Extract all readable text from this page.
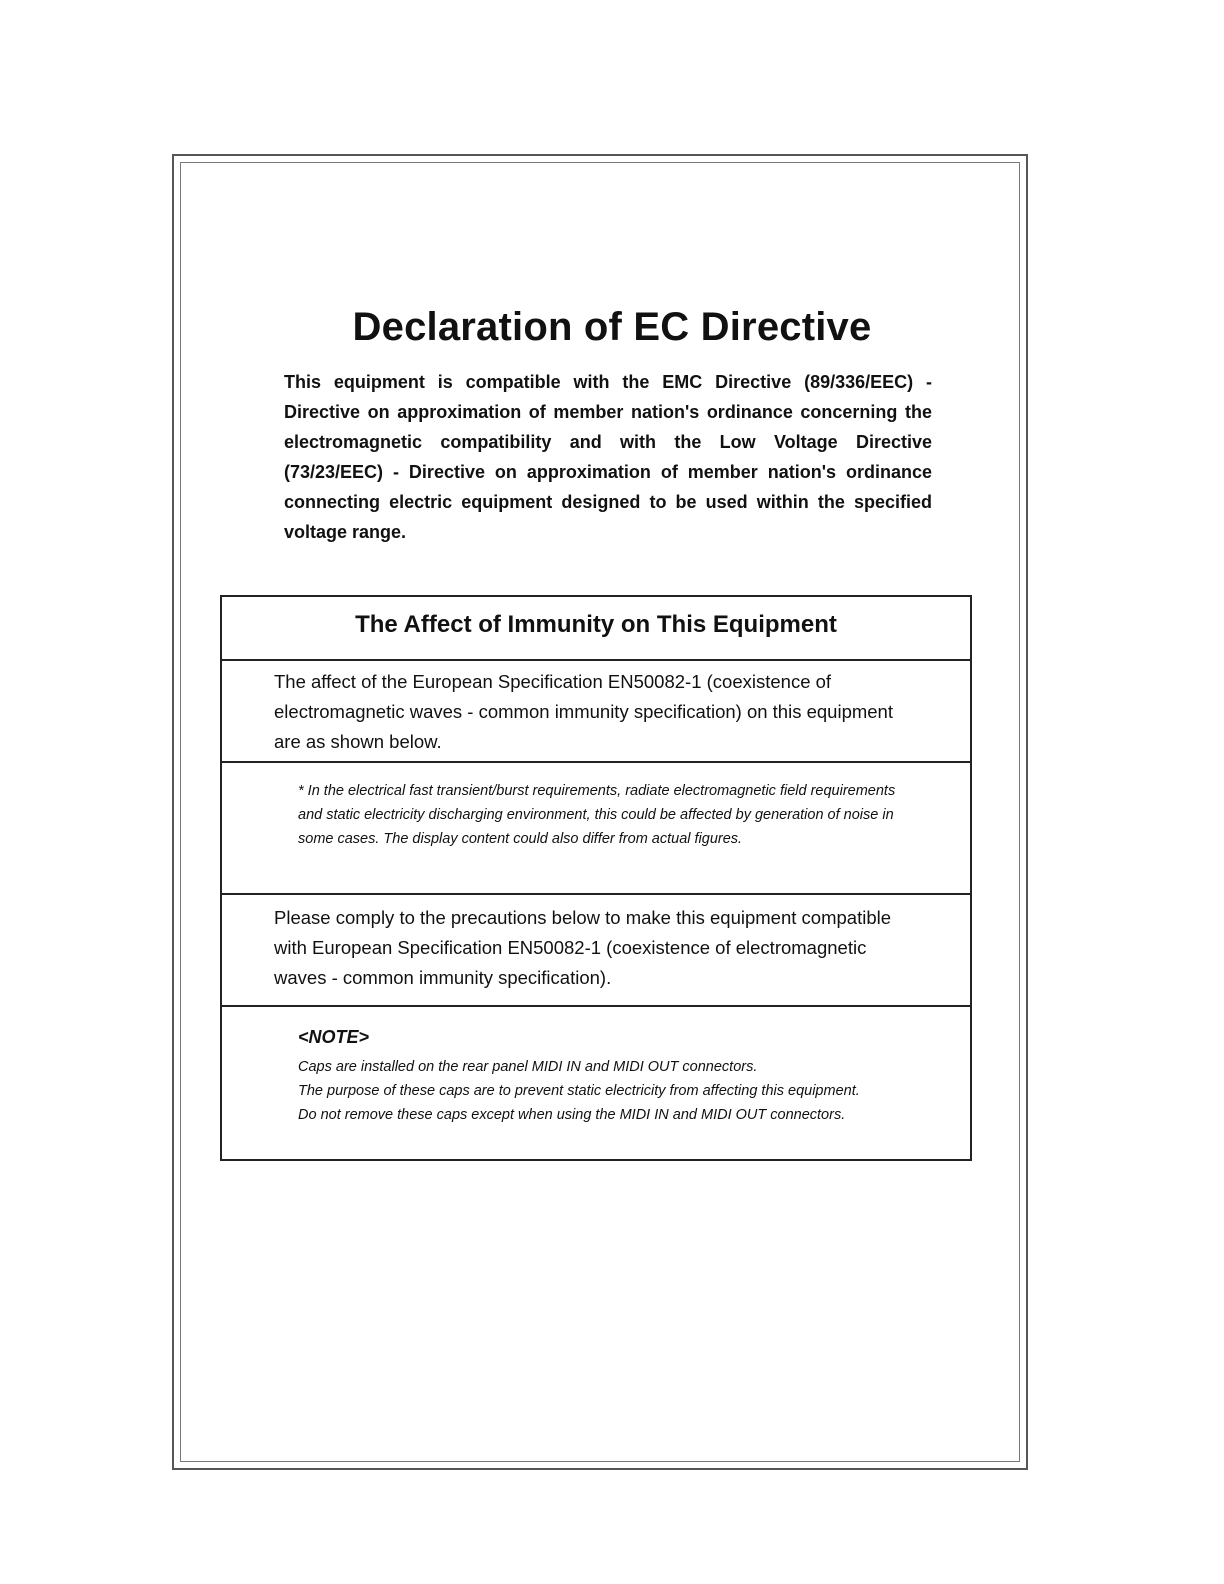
Declaration of EC Directive

This equipment is compatible with the EMC Directive (89/336/EEC) - Directive on approximation of member nation's ordinance concerning the electromagnetic compatibility and with the Low Voltage Directive (73/23/EEC) - Directive on approximation of member nation's ordinance connecting electric equipment designed to be used within the specified voltage range.

The Affect of Immunity on This Equipment

The affect of the European Specification EN50082-1 (coexistence of electromagnetic waves - common immunity specification) on this equipment are as shown below.

* In the electrical fast transient/burst requirements, radiate electromagnetic field requirements and static electricity discharging environment, this could be affected by generation of noise in some cases. The display content could also differ from actual figures.

Please comply to the precautions below to make this equipment compatible with European Specification EN50082-1 (coexistence of electromagnetic waves - common immunity specification).

<NOTE>

Caps are installed on the rear panel MIDI IN and MIDI OUT connectors.
The purpose of these caps are to prevent static electricity from affecting this equipment.
Do not remove these caps except when using the MIDI IN and MIDI OUT connectors.
